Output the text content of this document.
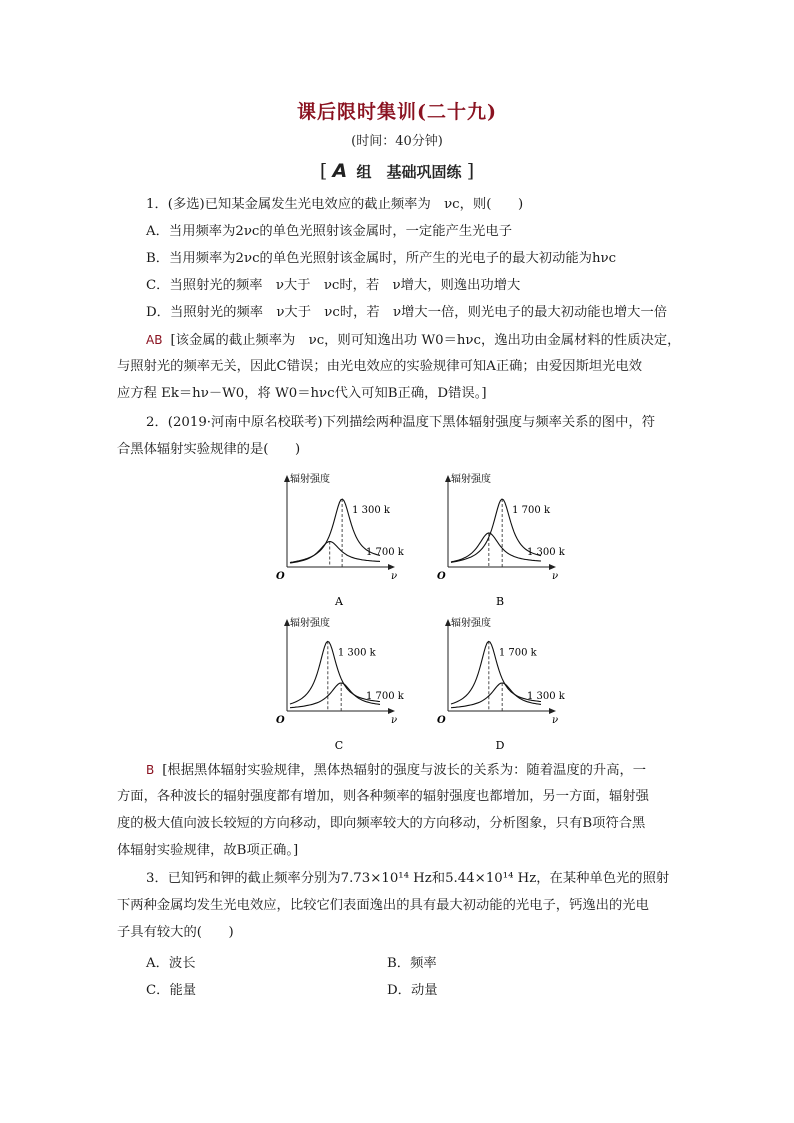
课后限时集训(二十九)
(时间：40分钟)
[ A 组　基础巩固练 ]
1．(多选)已知某金属发生光电效应的截止频率为　νc，则(　　)
A．当用频率为2νc的单色光照射该金属时，一定能产生光电子
B．当用频率为2νc的单色光照射该金属时，所产生的光电子的最大初动能为hνc
C．当照射光的频率　ν大于　νc时，若　ν增大，则逸出功增大
D．当照射光的频率　ν大于　νc时，若　ν增大一倍，则光电子的最大初动能也增大一倍
AB [该金属的截止频率为　νc，则可知逸出功 W0＝hνc，逸出功由金属材料的性质决定，
与照射光的频率无关，因此C错误；由光电效应的实验规律可知A正确；由爱因斯坦光电效
应方程 Ek＝hν－W0，将 W0＝hνc代入可知B正确，D错误。]
2．(2019·河南中原名校联考)下列描绘两种温度下黑体辐射强度与频率关系的图中，符
合黑体辐射实验规律的是(　　)
辐射强度
ν
O
1 300 k
1 700 k
A
辐射强度
ν
O
1 700 k
1 300 k
B
辐射强度
ν
O
1 300 k
1 700 k
C
辐射强度
ν
O
1 700 k
1 300 k
D
B [根据黑体辐射实验规律，黑体热辐射的强度与波长的关系为：随着温度的升高，一
方面，各种波长的辐射强度都有增加，则各种频率的辐射强度也都增加，另一方面，辐射强
度的极大值向波长较短的方向移动，即向频率较大的方向移动，分析图象，只有B项符合黑
体辐射实验规律，故B项正确。]
3．已知钙和钾的截止频率分别为7.73×10¹⁴ Hz和5.44×10¹⁴ Hz，在某种单色光的照射
下两种金属均发生光电效应，比较它们表面逸出的具有最大初动能的光电子，钙逸出的光电
子具有较大的(　　)
A．波长	B．频率
C．能量	D．动量
